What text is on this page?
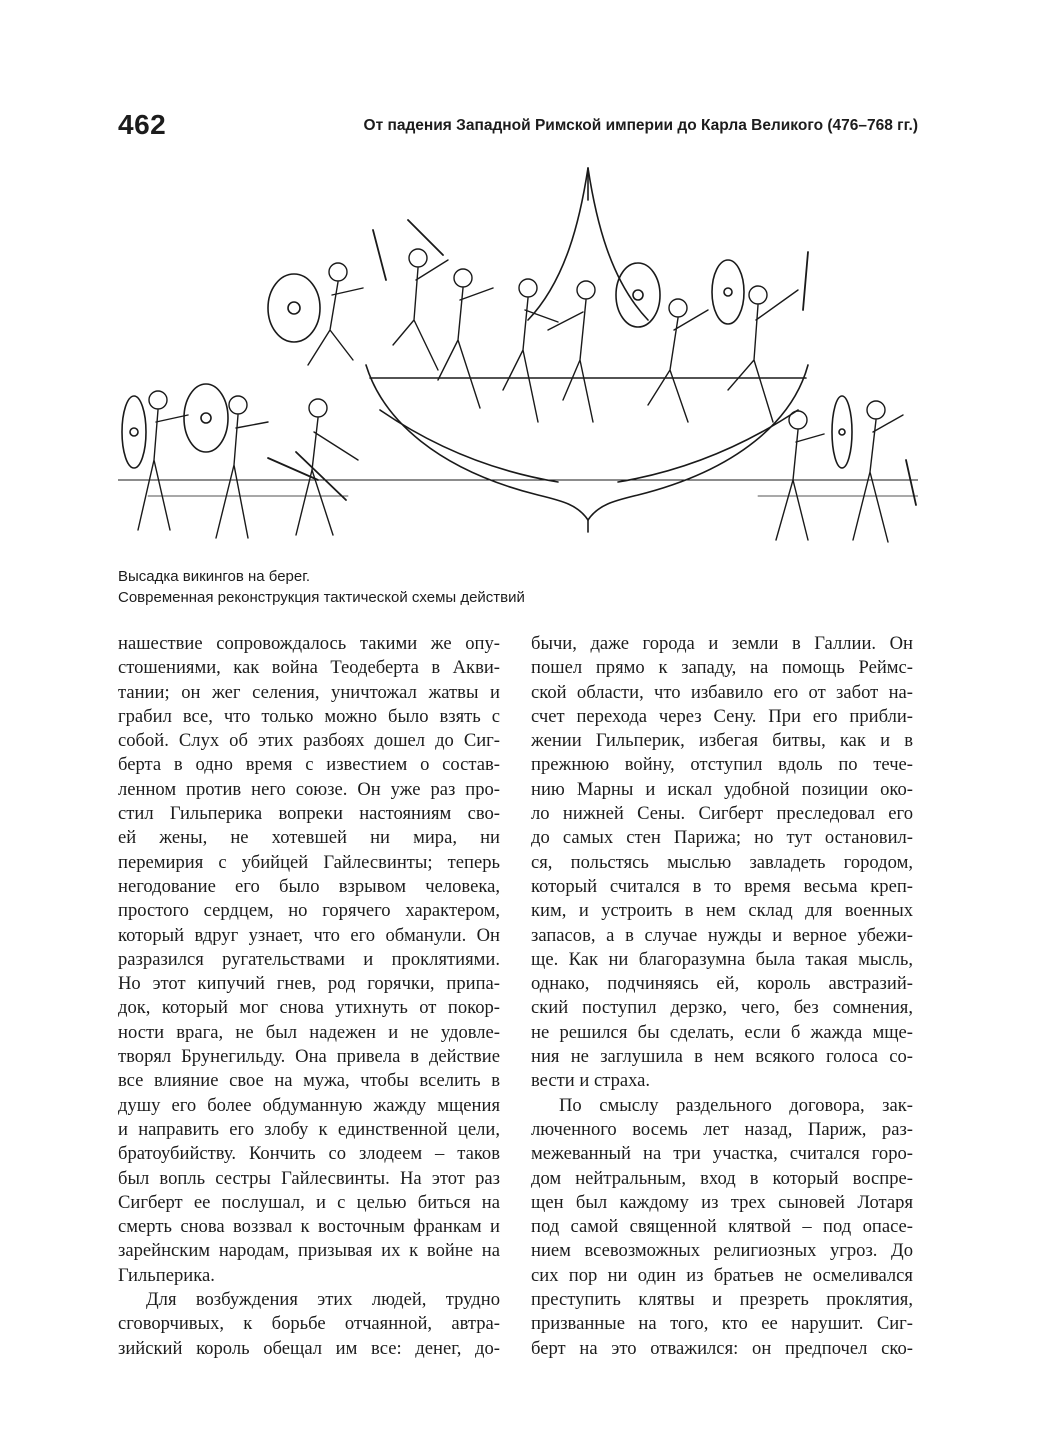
462	От падения Западной Римской империи до Карла Великого (476–768 гг.)
Высадка викингов на берег.
Современная реконструкция тактической схемы действий
нашествие сопровождалось такими же опу-
стошениями, как война Теодеберта в Акви-
тании; он жег селения, уничтожал жатвы и
грабил все, что только можно было взять с
собой. Слух об этих разбоях дошел до Сиг-
берта в одно время с известием о состав-
ленном против него союзе. Он уже раз про-
стил Гильперика вопреки настояниям сво-
ей жены, не хотевшей ни мира, ни
перемирия с убийцей Гайлесвинты; теперь
негодование его было взрывом человека,
простого сердцем, но горячего характером,
который вдруг узнает, что его обманули. Он
разразился ругательствами и проклятиями.
Но этот кипучий гнев, род горячки, припа-
док, который мог снова утихнуть от покор-
ности врага, не был надежен и не удовле-
творял Брунегильду. Она привела в действие
все влияние свое на мужа, чтобы вселить в
душу его более обдуманную жажду мщения
и направить его злобу к единственной цели,
братоубийству. Кончить со злодеем – таков
был вопль сестры Гайлесвинты. На этот раз
Сигберт ее послушал, и с целью биться на
смерть снова воззвал к восточным франкам и
зарейнским народам, призывая их к войне на
Гильперика.
Для возбуждения этих людей, трудно
сговорчивых, к борьбе отчаянной, автра-
зийский король обещал им все: денег, до-
бычи, даже города и земли в Галлии. Он
пошел прямо к западу, на помощь Реймс-
ской области, что избавило его от забот на-
счет перехода через Сену. При его прибли-
жении Гильперик, избегая битвы, как и в
прежнюю войну, отступил вдоль по тече-
нию Марны и искал удобной позиции око-
ло нижней Сены. Сигберт преследовал его
до самых стен Парижа; но тут остановил-
ся, польстясь мыслью завладеть городом,
который считался в то время весьма креп-
ким, и устроить в нем склад для военных
запасов, а в случае нужды и верное убежи-
ще. Как ни благоразумна была такая мысль,
однако, подчиняясь ей, король австразий-
ский поступил дерзко, чего, без сомнения,
не решился бы сделать, если б жажда мще-
ния не заглушила в нем всякого голоса со-
вести и страха.
По смыслу раздельного договора, зак-
люченного восемь лет назад, Париж, раз-
межеванный на три участка, считался горо-
дом нейтральным, вход в который воспре-
щен был каждому из трех сыновей Лотаря
под самой священной клятвой – под опасе-
нием всевозможных религиозных угроз. До
сих пор ни один из братьев не осмеливался
преступить клятвы и презреть проклятия,
призванные на того, кто ее нарушит. Сиг-
берт на это отважился: он предпочел ско-
